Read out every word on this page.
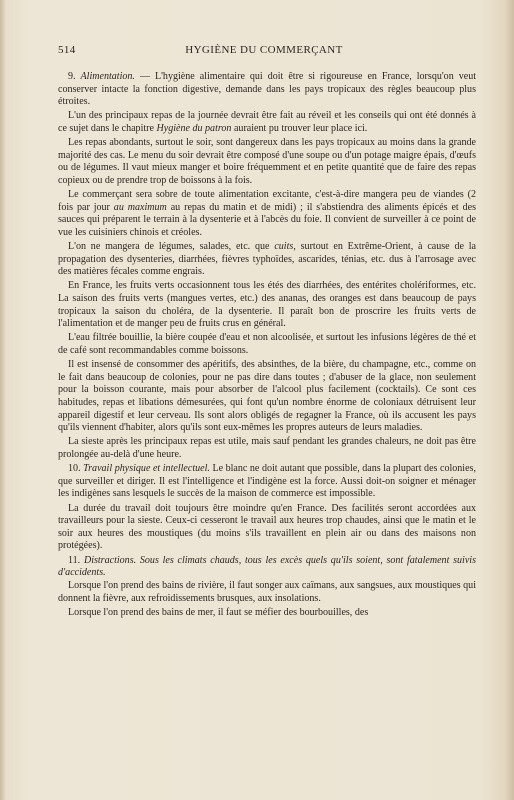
514	HYGIÈNE DU COMMERÇANT

9. Alimentation. — L'hygiène alimentaire qui doit être si rigoureuse en France, lorsqu'on veut conserver intacte la fonction digestive, demande dans les pays tropicaux des règles beaucoup plus étroites.

L'un des principaux repas de la journée devrait être fait au réveil et les conseils qui ont été donnés à ce sujet dans le chapitre Hygiène du patron auraient pu trouver leur place ici.

Les repas abondants, surtout le soir, sont dangereux dans les pays tropicaux au moins dans la grande majorité des cas. Le menu du soir devrait être composé d'une soupe ou d'un potage maigre épais, d'œufs ou de légumes. Il vaut mieux manger et boire fréquemment et en petite quantité que de faire des repas copieux ou de prendre trop de boissons à la fois.

Le commerçant sera sobre de toute alimentation excitante, c'est-à-dire mangera peu de viandes (2 fois par jour au maximum au repas du matin et de midi) ; il s'abstiendra des aliments épicés et des sauces qui préparent le terrain à la dysenterie et à l'abcès du foie. Il convient de surveiller à ce point de vue les cuisiniers chinois et créoles.

L'on ne mangera de légumes, salades, etc. que cuits, surtout en Extrême-Orient, à cause de la propagation des dysenteries, diarrhées, fièvres typhoïdes, ascarides, ténias, etc. dus à l'arrosage avec des matières fécales comme engrais.

En France, les fruits verts occasionnent tous les étés des diarrhées, des entérites cholériformes, etc. La saison des fruits verts (mangues vertes, etc.) des ananas, des oranges est dans beaucoup de pays tropicaux la saison du choléra, de la dysenterie. Il paraît bon de proscrire les fruits verts de l'alimentation et de manger peu de fruits crus en général.

L'eau filtrée bouillie, la bière coupée d'eau et non alcoolisée, et surtout les infusions légères de thé et de café sont recommandables comme boissons.

Il est insensé de consommer des apéritifs, des absinthes, de la bière, du champagne, etc., comme on le fait dans beaucoup de colonies, pour ne pas dire dans toutes ; d'abuser de la glace, non seulement pour la boisson courante, mais pour absorber de l'alcool plus facilement (cocktails). Ce sont ces habitudes, repas et libations démesurées, qui font qu'un nombre énorme de coloniaux détruisent leur appareil digestif et leur cerveau. Ils sont alors obligés de regagner la France, où ils accusent les pays qu'ils viennent d'habiter, alors qu'ils sont eux-mêmes les propres auteurs de leurs maladies.

La sieste après les principaux repas est utile, mais sauf pendant les grandes chaleurs, ne doit pas être prolongée au-delà d'une heure.

10. Travail physique et intellectuel. Le blanc ne doit autant que possible, dans la plupart des colonies, que surveiller et diriger. Il est l'intelligence et l'indigène est la force. Aussi doit-on soigner et ménager les indigènes sans lesquels le succès de la maison de commerce est impossible.

La durée du travail doit toujours être moindre qu'en France. Des facilités seront accordées aux travailleurs pour la sieste. Ceux-ci cesseront le travail aux heures trop chaudes, ainsi que le matin et le soir aux heures des moustiques (du moins s'ils travaillent en plein air ou dans des maisons non protégées).

11. Distractions. Sous les climats chauds, tous les excès quels qu'ils soient, sont fatalement suivis d'accidents.

Lorsque l'on prend des bains de rivière, il faut songer aux caïmans, aux sangsues, aux moustiques qui donnent la fièvre, aux refroidissements brusques, aux insolations.

Lorsque l'on prend des bains de mer, il faut se méfier des bourbouilles, des
